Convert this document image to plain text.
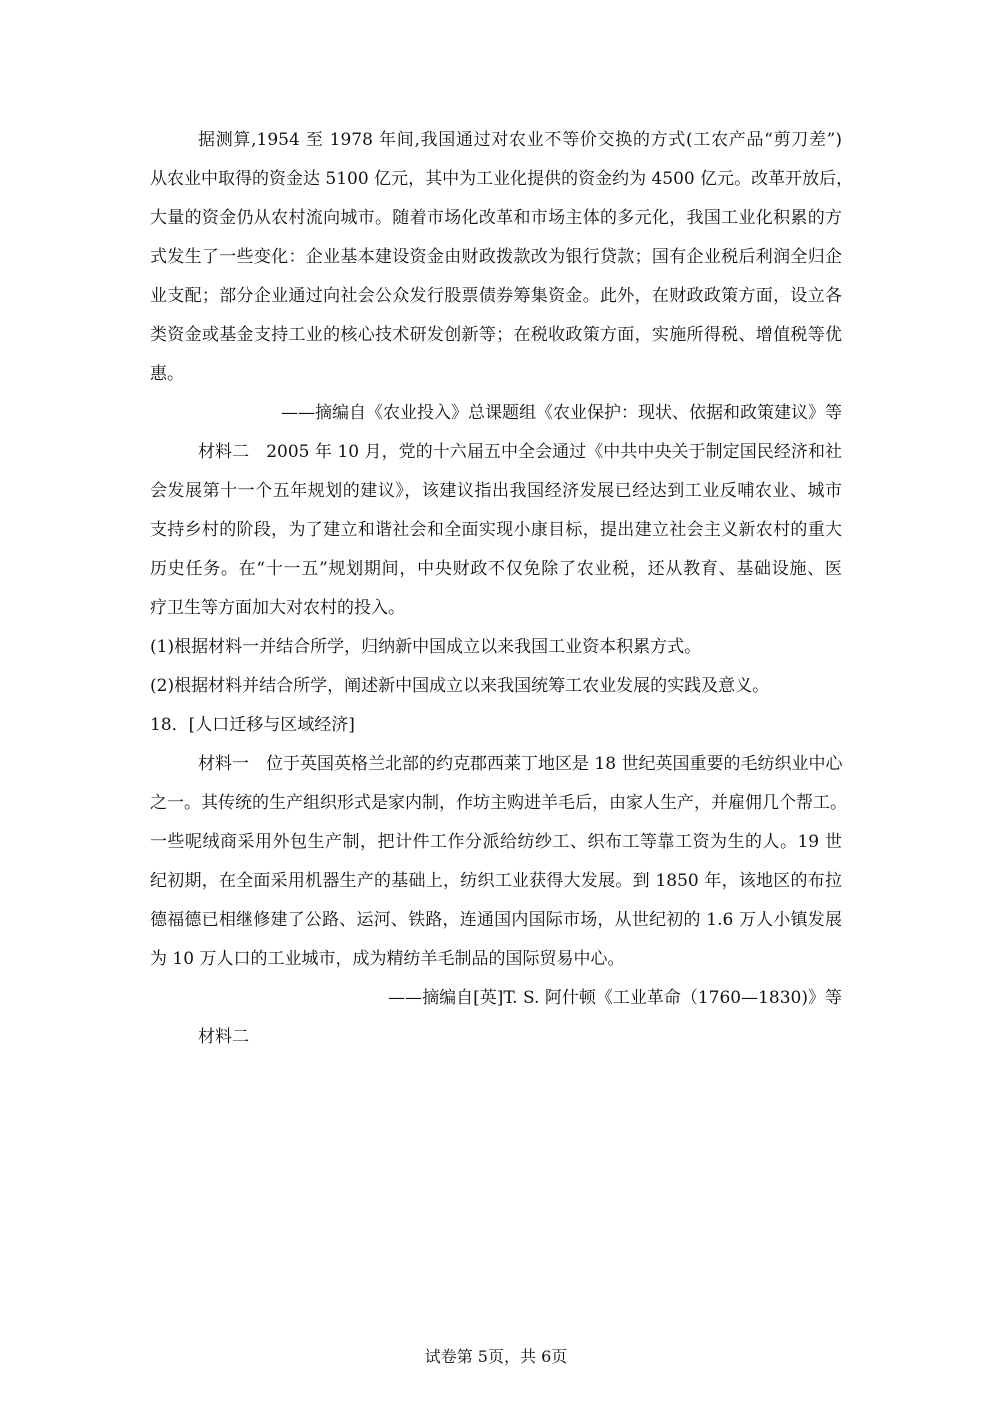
据测算,1954 至 1978 年间,我国通过对农业不等价交换的方式(工农产品“剪刀差”)
从农业中取得的资金达 5100 亿元，其中为工业化提供的资金约为 4500 亿元。改革开放后，
大量的资金仍从农村流向城市。随着市场化改革和市场主体的多元化，我国工业化积累的方
式发生了一些变化：企业基本建设资金由财政拨款改为银行贷款；国有企业税后利润全归企
业支配；部分企业通过向社会公众发行股票债券筹集资金。此外，在财政政策方面，设立各
类资金或基金支持工业的核心技术研发创新等；在税收政策方面，实施所得税、增值税等优
惠。
——摘编自《农业投入》总课题组《农业保护：现状、依据和政策建议》等
材料二　2005 年 10 月，党的十六届五中全会通过《中共中央关于制定国民经济和社
会发展第十一个五年规划的建议》，该建议指出我国经济发展已经达到工业反哺农业、城市
支持乡村的阶段，为了建立和谐社会和全面实现小康目标，提出建立社会主义新农村的重大
历史任务。在“十一五”规划期间，中央财政不仅免除了农业税，还从教育、基础设施、医
疗卫生等方面加大对农村的投入。
(1)根据材料一并结合所学，归纳新中国成立以来我国工业资本积累方式。
(2)根据材料并结合所学，阐述新中国成立以来我国统筹工农业发展的实践及意义。
18．[人口迁移与区域经济]
材料一　位于英国英格兰北部的约克郡西莱丁地区是 18 世纪英国重要的毛纺织业中心
之一。其传统的生产组织形式是家内制，作坊主购进羊毛后，由家人生产，并雇佣几个帮工。
一些呢绒商采用外包生产制，把计件工作分派给纺纱工、织布工等靠工资为生的人。19 世
纪初期，在全面采用机器生产的基础上，纺织工业获得大发展。到 1850 年，该地区的布拉
德福德已相继修建了公路、运河、铁路，连通国内国际市场，从世纪初的 1.6 万人小镇发展
为 10 万人口的工业城市，成为精纺羊毛制品的国际贸易中心。
——摘编自[英]T. S. 阿什顿《工业革命（1760—1830)》等
材料二
试卷第 5页，共 6页
